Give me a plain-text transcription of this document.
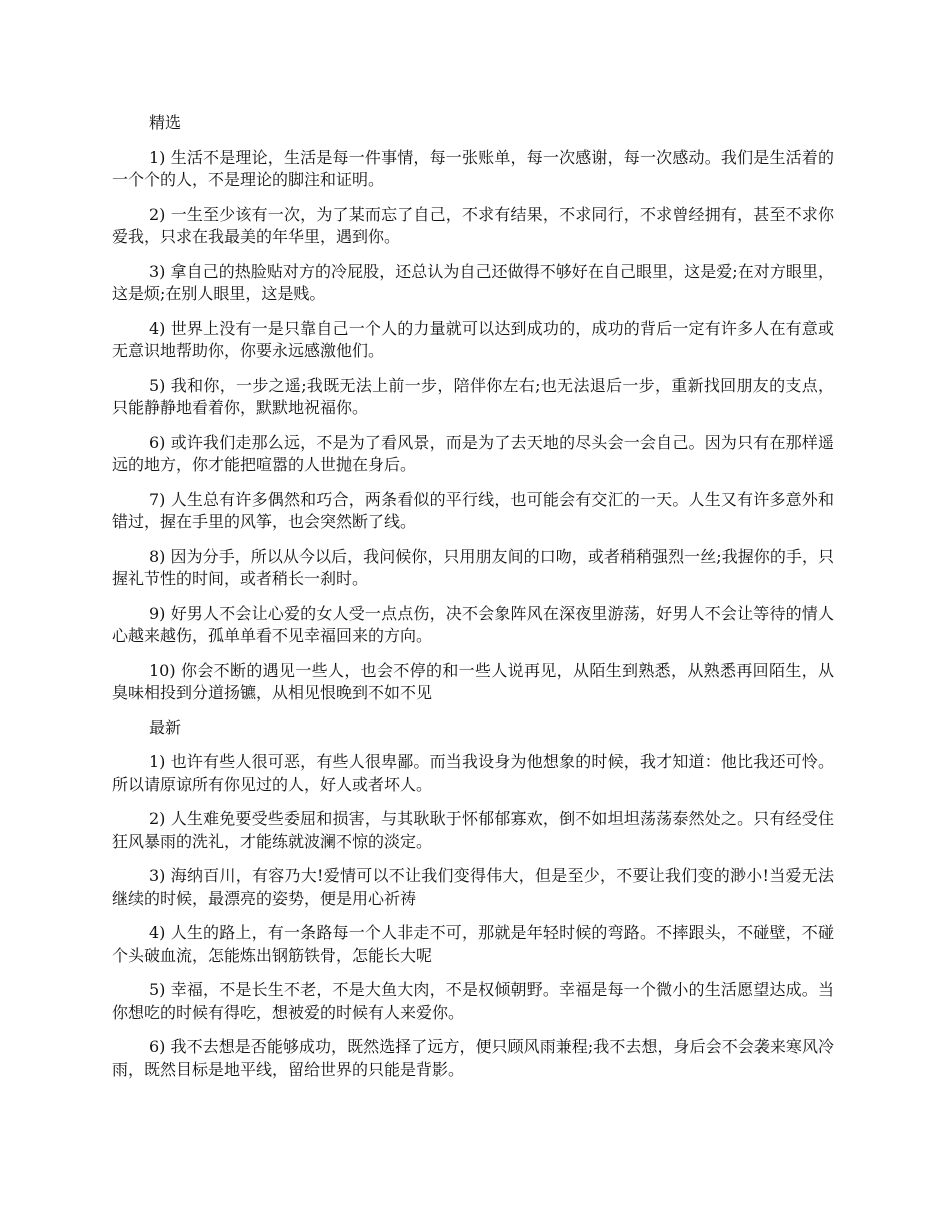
精选

1) 生活不是理论，生活是每一件事情，每一张账单，每一次感谢，每一次感动。我们是生活着的一个个的人，不是理论的脚注和证明。

2) 一生至少该有一次，为了某而忘了自己，不求有结果，不求同行，不求曾经拥有，甚至不求你爱我，只求在我最美的年华里，遇到你。

3) 拿自己的热脸贴对方的冷屁股，还总认为自己还做得不够好在自己眼里，这是爱;在对方眼里，这是烦;在别人眼里，这是贱。

4) 世界上没有一是只靠自己一个人的力量就可以达到成功的，成功的背后一定有许多人在有意或无意识地帮助你，你要永远感激他们。

5) 我和你，一步之遥;我既无法上前一步，陪伴你左右;也无法退后一步，重新找回朋友的支点，只能静静地看着你，默默地祝福你。

6) 或许我们走那么远，不是为了看风景，而是为了去天地的尽头会一会自己。因为只有在那样遥远的地方，你才能把喧嚣的人世抛在身后。

7) 人生总有许多偶然和巧合，两条看似的平行线，也可能会有交汇的一天。人生又有许多意外和错过，握在手里的风筝，也会突然断了线。

8) 因为分手，所以从今以后，我问候你，只用朋友间的口吻，或者稍稍强烈一丝;我握你的手，只握礼节性的时间，或者稍长一刹时。

9) 好男人不会让心爱的女人受一点点伤，决不会象阵风在深夜里游荡，好男人不会让等待的情人心越来越伤，孤单单看不见幸福回来的方向。

10) 你会不断的遇见一些人，也会不停的和一些人说再见，从陌生到熟悉，从熟悉再回陌生，从臭味相投到分道扬镳，从相见恨晚到不如不见

最新

1) 也许有些人很可恶，有些人很卑鄙。而当我设身为他想象的时候，我才知道：他比我还可怜。所以请原谅所有你见过的人，好人或者坏人。

2) 人生难免要受些委屈和损害，与其耿耿于怀郁郁寡欢，倒不如坦坦荡荡泰然处之。只有经受住狂风暴雨的洗礼，才能练就波澜不惊的淡定。

3) 海纳百川，有容乃大!爱情可以不让我们变得伟大，但是至少，不要让我们变的渺小!当爱无法继续的时候，最漂亮的姿势，便是用心祈祷

4) 人生的路上，有一条路每一个人非走不可，那就是年轻时候的弯路。不摔跟头，不碰壁，不碰个头破血流，怎能炼出钢筋铁骨，怎能长大呢

5) 幸福，不是长生不老，不是大鱼大肉，不是权倾朝野。幸福是每一个微小的生活愿望达成。当你想吃的时候有得吃，想被爱的时候有人来爱你。

6) 我不去想是否能够成功，既然选择了远方，便只顾风雨兼程;我不去想，身后会不会袭来寒风冷雨，既然目标是地平线，留给世界的只能是背影。
